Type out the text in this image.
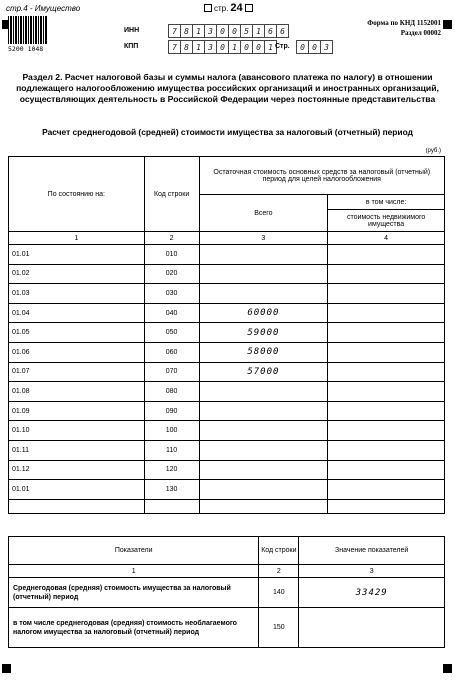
стр.4 - Имущество	стр. 24
5200 1048
ИНН	7 8 1 3 0 0 5 1 6 6
КПП	7 8 1 3 0 1 0 0 1 Стр.	0 0 3
Форма по КНД 1152001
Раздел 00002
Раздел 2. Расчет налоговой базы и суммы налога (авансового платежа по налогу) в отношении подлежащего налогообложению имущества российских организаций и иностранных организаций, осуществляющих деятельность в Российской Федерации через постоянные представительства
Расчет среднегодовой (средней) стоимости имущества за налоговый (отчетный) период
(руб.)
По состоянию на:	Код строки	Остаточная стоимость основных средств за налоговый (отчетный) период для целей налогообложения	
		Всего	в том числе:
			стоимость недвижимого имущества
1	2	3	4
01.01	010		
01.02	020		
01.03	030		
01.04	040	60000	
01.05	050	59000	
01.06	060	58000	
01.07	070	57000	
01.08	080		
01.09	090		
01.10	100		
01.11	110		
01.12	120		
01.01	130		

Показатели	Код строки	Значение показателей
1	2	3
Среднегодовая (средняя) стоимость имущества за налоговый (отчетный) период	140	33429
в том числе среднегодовая (средняя) стоимость необлагаемого налогом имущества за налоговый (отчетный) период	150	
